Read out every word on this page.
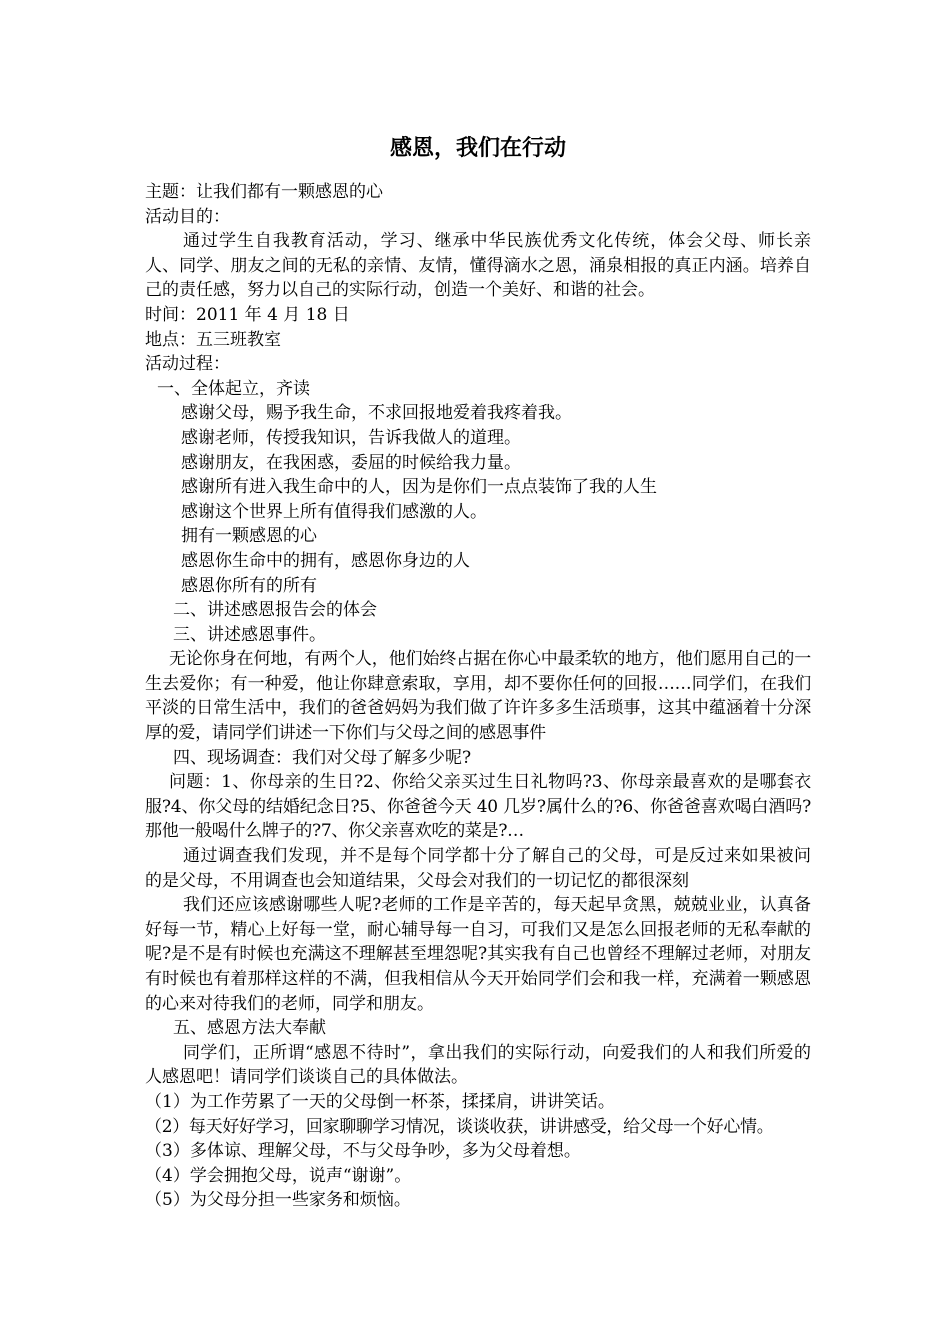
感恩，我们在行动

主题：让我们都有一颗感恩的心

活动目的：

通过学生自我教育活动，学习、继承中华民族优秀文化传统，体会父母、师长亲人、同学、朋友之间的无私的亲情、友情，懂得滴水之恩，涌泉相报的真正内涵。培养自己的责任感，努力以自己的实际行动，创造一个美好、和谐的社会。

时间：2011 年 4 月 18 日

地点：五三班教室

活动过程：

一、全体起立，齐读

感谢父母，赐予我生命，不求回报地爱着我疼着我。

感谢老师，传授我知识，告诉我做人的道理。

感谢朋友，在我困惑，委屈的时候给我力量。

感谢所有进入我生命中的人，因为是你们一点点装饰了我的人生

感谢这个世界上所有值得我们感激的人。

拥有一颗感恩的心

感恩你生命中的拥有，感恩你身边的人

感恩你所有的所有

二、讲述感恩报告会的体会

三、讲述感恩事件。

无论你身在何地，有两个人，他们始终占据在你心中最柔软的地方，他们愿用自己的一生去爱你；有一种爱，他让你肆意索取，享用，却不要你任何的回报……同学们，在我们平淡的日常生活中，我们的爸爸妈妈为我们做了许许多多生活琐事，这其中蕴涵着十分深厚的爱，请同学们讲述一下你们与父母之间的感恩事件

四、现场调查：我们对父母了解多少呢?

问题：1、你母亲的生日?2、你给父亲买过生日礼物吗?3、你母亲最喜欢的是哪套衣服?4、你父母的结婚纪念日?5、你爸爸今天 40 几岁?属什么的?6、你爸爸喜欢喝白酒吗?那他一般喝什么牌子的?7、你父亲喜欢吃的菜是?…

通过调查我们发现，并不是每个同学都十分了解自己的父母，可是反过来如果被问的是父母，不用调查也会知道结果，父母会对我们的一切记忆的都很深刻

我们还应该感谢哪些人呢?老师的工作是辛苦的，每天起早贪黑，兢兢业业，认真备好每一节，精心上好每一堂，耐心辅导每一自习，可我们又是怎么回报老师的无私奉献的呢?是不是有时候也充满这不理解甚至埋怨呢?其实我有自己也曾经不理解过老师，对朋友有时候也有着那样这样的不满，但我相信从今天开始同学们会和我一样，充满着一颗感恩的心来对待我们的老师，同学和朋友。

五、感恩方法大奉献

同学们，正所谓“感恩不待时”，拿出我们的实际行动，向爱我们的人和我们所爱的人感恩吧！请同学们谈谈自己的具体做法。

（1）为工作劳累了一天的父母倒一杯茶，揉揉肩，讲讲笑话。

（2）每天好好学习，回家聊聊学习情况，谈谈收获，讲讲感受，给父母一个好心情。

（3）多体谅、理解父母，不与父母争吵，多为父母着想。

（4）学会拥抱父母，说声“谢谢”。

（5）为父母分担一些家务和烦恼。
